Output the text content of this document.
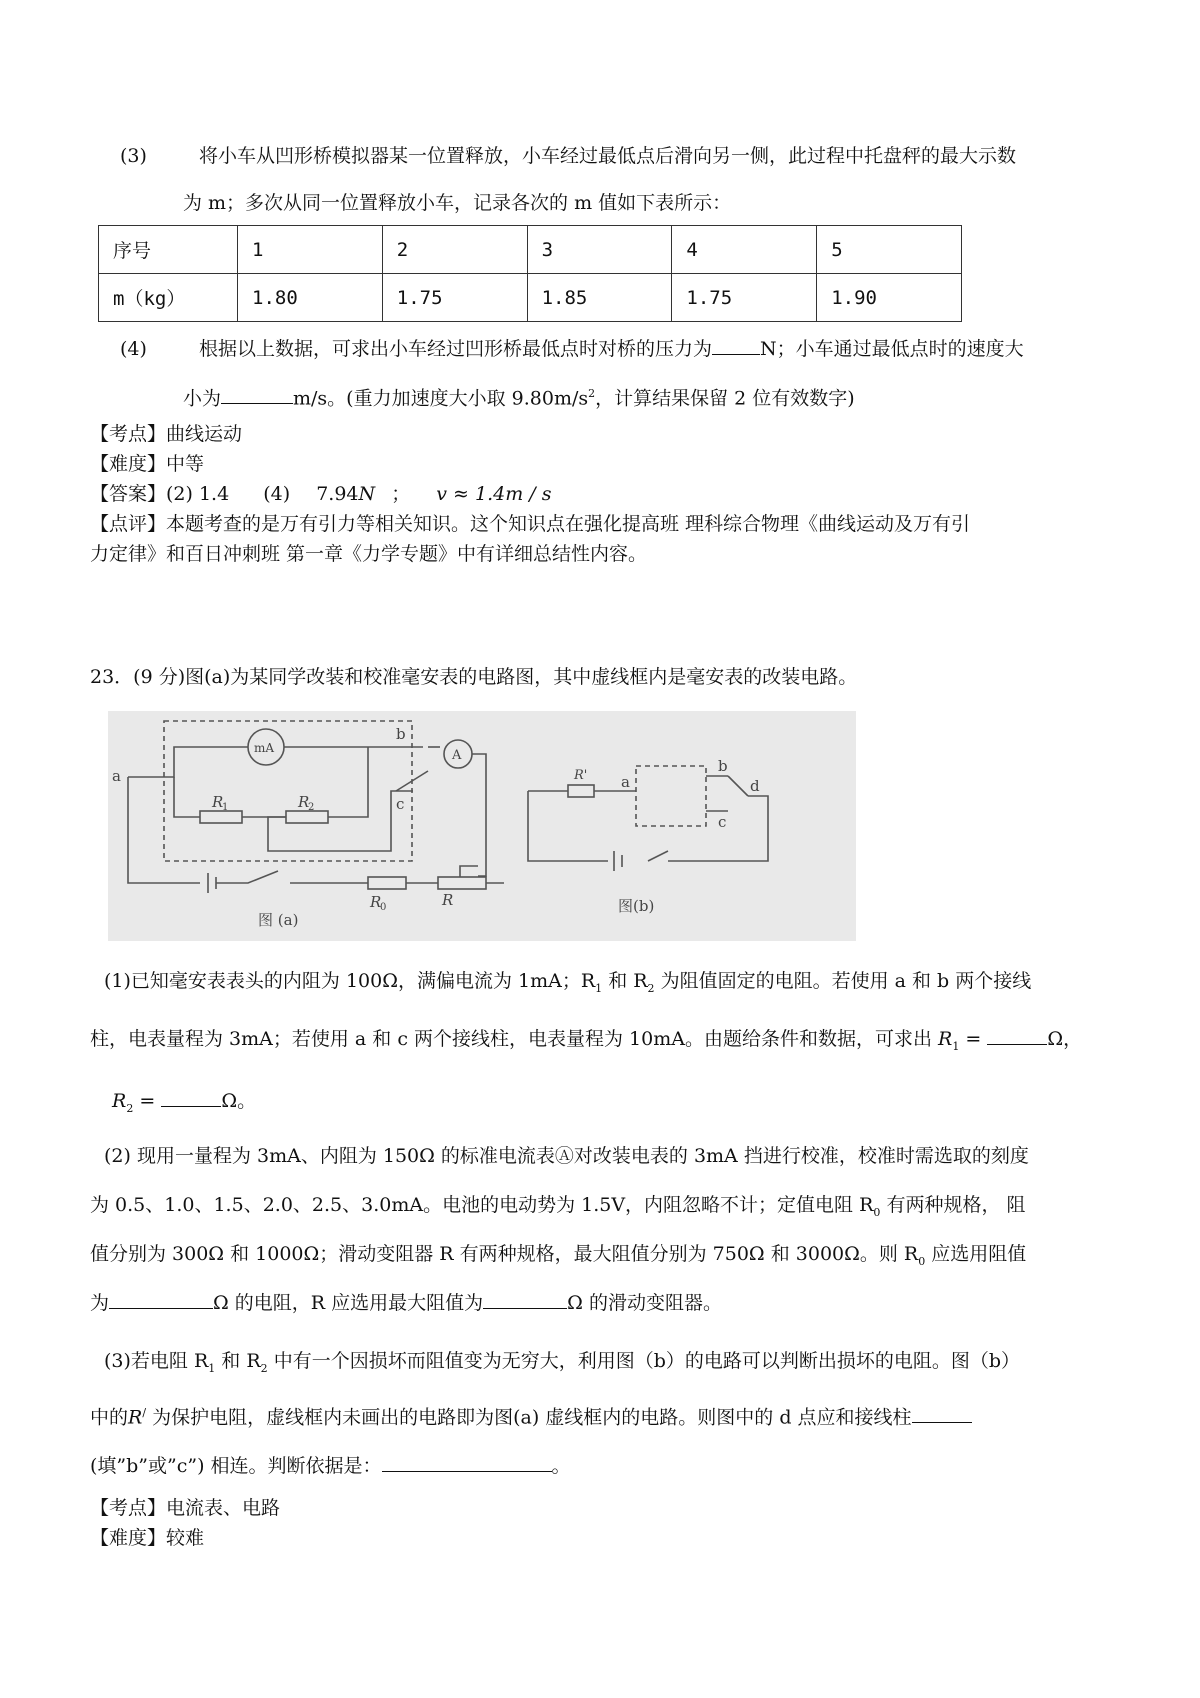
(3)	将小车从凹形桥模拟器某一位置释放，小车经过最低点后滑向另一侧，此过程中托盘秤的最大示数
为 m；多次从同一位置释放小车，记录各次的 m 值如下表所示：
序号	1	2	3	4	5
m（kg）	1.80	1.75	1.85	1.75	1.90
(4)	根据以上数据，可求出小车经过凹形桥最低点时对桥的压力为	N；小车通过最低点时的速度大
小为	m/s。(重力加速度大小取 $9.80m/s^2$，计算结果保留 2 位有效数字)
【考点】曲线运动
【难度】中等
【答案】(2) 1.4 (4) 7.94N ； v ≈ 1.4m / s
【点评】本题考查的是万有引力等相关知识。这个知识点在强化提高班 理科综合物理《曲线运动及万有引
力定律》和百日冲刺班 第一章《力学专题》中有详细总结性内容。
23．(9 分)图(a)为某同学改装和校准毫安表的电路图，其中虚线框内是毫安表的改装电路。
a
b
c
mA	A
R
1	R
2
R
0	R
图 (a)
R' a
b
c
d
图(b)
(1)已知毫安表表头的内阻为 100Ω，满偏电流为 1mA；$R_1$ 和 $R_2$ 为阻值固定的电阻。若使用 a 和 b 两个接线
柱，电表量程为 3mA；若使用 a 和 c 两个接线柱，电表量程为 10mA。由题给条件和数据，可求出 $R_1$ =	Ω，
$R_2$ =	Ω。
(2) 现用一量程为 3mA、内阻为 150Ω 的标准电流表Ⓐ对改装电表的 3mA 挡进行校准，校准时需选取的刻度
为 0.5、1.0、1.5、2.0、2.5、3.0mA。电池的电动势为 1.5V，内阻忽略不计；定值电阻 $R_0$ 有两种规格， 阻
值分别为 300Ω 和 1000Ω；滑动变阻器 R 有两种规格，最大阻值分别为 750Ω 和 3000Ω。则 $R_0$ 应选用阻值
为	Ω 的电阻，R 应选用最大阻值为	Ω 的滑动变阻器。
(3)若电阻 $R_1$ 和 $R_2$ 中有一个因损坏而阻值变为无穷大，利用图（b）的电路可以判断出损坏的电阻。图（b）
中的R/ 为保护电阻，虚线框内未画出的电路即为图(a) 虚线框内的电路。则图中的 d 点应和接线柱
(填”b”或”c”) 相连。判断依据是：	。
【考点】电流表、电路
【难度】较难
